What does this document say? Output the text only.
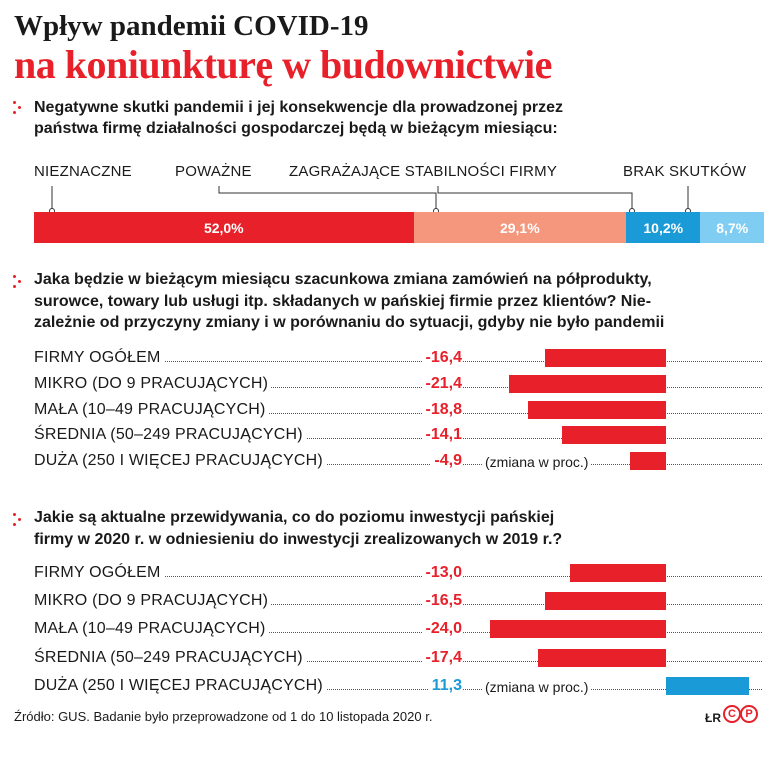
Wpływ pandemii COVID-19
na koniunkturę w budownictwie
Negatywne skutki pandemii i jej konsekwencje dla prowadzonej przez
państwa firmę działalności gospodarczej będą w bieżącym miesiącu:
NIEZNACZNE	POWAŻNE ZAGRAŻAJĄCE STABILNOŚCI FIRMY	BRAK SKUTKÓW
52,0%	29,1%	10,2% 8,7%
Jaka będzie w bieżącym miesiącu szacunkowa zmiana zamówień na półprodukty,
surowce, towary lub usługi itp. składanych w pańskiej firmie przez klientów? Nie-
zależnie od przyczyny zmiany i w porównaniu do sytuacji, gdyby nie było pandemii
FIRMY OGÓŁEM	-16,4
MIKRO (DO 9 PRACUJĄCYCH)	-21,4
MAŁA (10–49 PRACUJĄCYCH)	-18,8
ŚREDNIA (50–249 PRACUJĄCYCH)	-14,1
DUŻA (250 I WIĘCEJ PRACUJĄCYCH)	-4,9 (zmiana w proc.)
Jakie są aktualne przewidywania, co do poziomu inwestycji pańskiej
firmy w 2020 r. w odniesieniu do inwestycji zrealizowanych w 2019 r.?
FIRMY OGÓŁEM	-13,0
MIKRO (DO 9 PRACUJĄCYCH)	-16,5
MAŁA (10–49 PRACUJĄCYCH)	-24,0
ŚREDNIA (50–249 PRACUJĄCYCH)	-17,4
DUŻA (250 I WIĘCEJ PRACUJĄCYCH)	11,3 (zmiana w proc.)
Źródło: GUS. Badanie było przeprowadzone od 1 do 10 listopada 2020 r.	ŁR C P
